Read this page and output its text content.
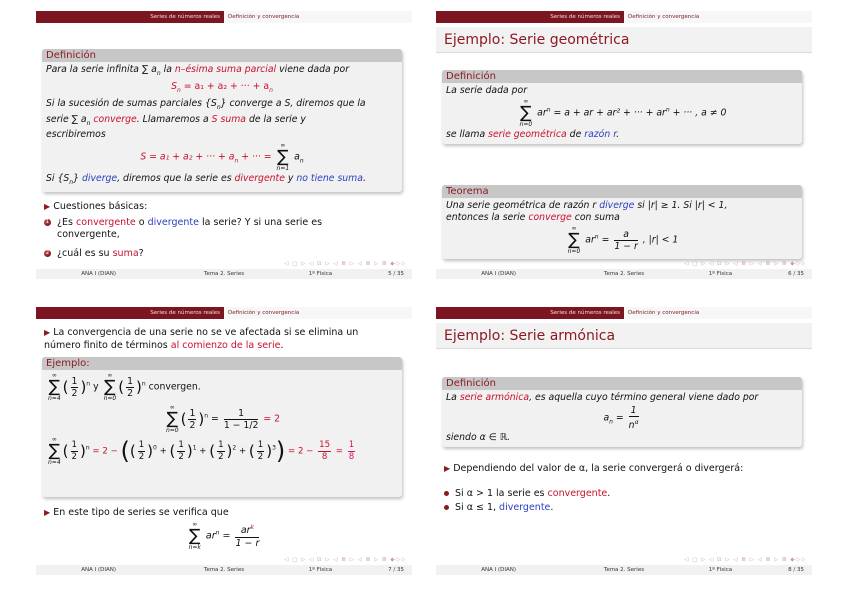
Series de números reales	Definición y convergencia
Definición
Para la serie infinita ∑ $a_n$ la n–ésima suma parcial viene dada por
$S_n = a_1 + a_2$ + ··· + $a_n$
Si la sucesión de sumas parciales $\{S_n\}$ converge a S, diremos que la
serie ∑ $a_n$ converge. Llamaremos a S suma de la serie y
escribiremos
S = a₁ + a₂ + ··· + $a_n$ + ··· =
∞
∑
n=1
$a_n$
Si $\{S_n\}$ diverge, diremos que la serie es divergente y no tiene suma.
▶ Cuestiones básicas:
1 ¿Es convergente o divergente la serie? Y si una serie es
convergente,
2 ¿cuál es su suma?
◁ ▢ ▷ ◁ ⊡ ▷ ◁ ≣ ▷ ◁ ≣ ▷ ≣ ◆◇◇
ANA I (DIAN)	Tema 2. Series	1º Física	5 / 35
Series de números reales	Definición y convergencia
Ejemplo: Serie geométrica
Definición
La serie dada por
∞
∑
n=0
$ar^n = a$ + ar + ar² + ··· + $ar^n$ + ··· , a ≠ 0
se llama serie geométrica de razón r.
Teorema
Una serie geométrica de razón r diverge si |r| ≥ 1. Si |r| < 1,
entonces la serie converge con suma
∞
∑
n=0
$ar^n = \frac{a}{1 - r}$ , |r| < 1
◁ ▢ ▷ ◁ ⊡ ▷ ◁ ≣ ▷ ◁ ≣ ▷ ≣ ◆◇◇
ANA I (DIAN)	Tema 2. Series	1º Física	6 / 35
Series de números reales	Definición y convergencia
▶ La convergencia de una serie no se ve afectada si se elimina un
número finito de términos al comienzo de la serie.
Ejemplo:
∞
∑
n=4
( $\frac{1}{2} )^n$ y
∞
∑
n=0
( $\frac{1}{2} )^n$ convergen.
∞
∑
n=0
( $\frac{1}{2} )^n = \frac{1}{1 - 1/2} = 2$
∞
∑
n=4
( $\frac{1}{2} )^n = 2$ − (( $\frac{1}{2} )^0$ + ( $\frac{1}{2} )^1$ + ( $\frac{1}{2} )^2$ + ( $\frac{1}{2} )^3) = 2 - \frac{15}{8} = \frac{1}{8}$
▶ En este tipo de series se verifica que
∞
∑
n=k
$ar^n = \frac{ar^k}{1 - r}$
◁ ▢ ▷ ◁ ⊡ ▷ ◁ ≣ ▷ ◁ ≣ ▷ ≣ ◆◇◇
ANA I (DIAN)	Tema 2. Series	1º Física	7 / 35
Series de números reales	Definición y convergencia
Ejemplo: Serie armónica
Definición
La serie armónica, es aquella cuyo término general viene dado por
$a_n = \frac{1}{n^\alpha}$
siendo α ∈ ℝ.
▶ Dependiendo del valor de α, la serie convergerá o divergerá:
Si α > 1 la serie es convergente.
Si α ≤ 1, divergente.
◁ ▢ ▷ ◁ ⊡ ▷ ◁ ≣ ▷ ◁ ≣ ▷ ≣ ◆◇◇
ANA I (DIAN)	Tema 2. Series	1º Física	8 / 35
